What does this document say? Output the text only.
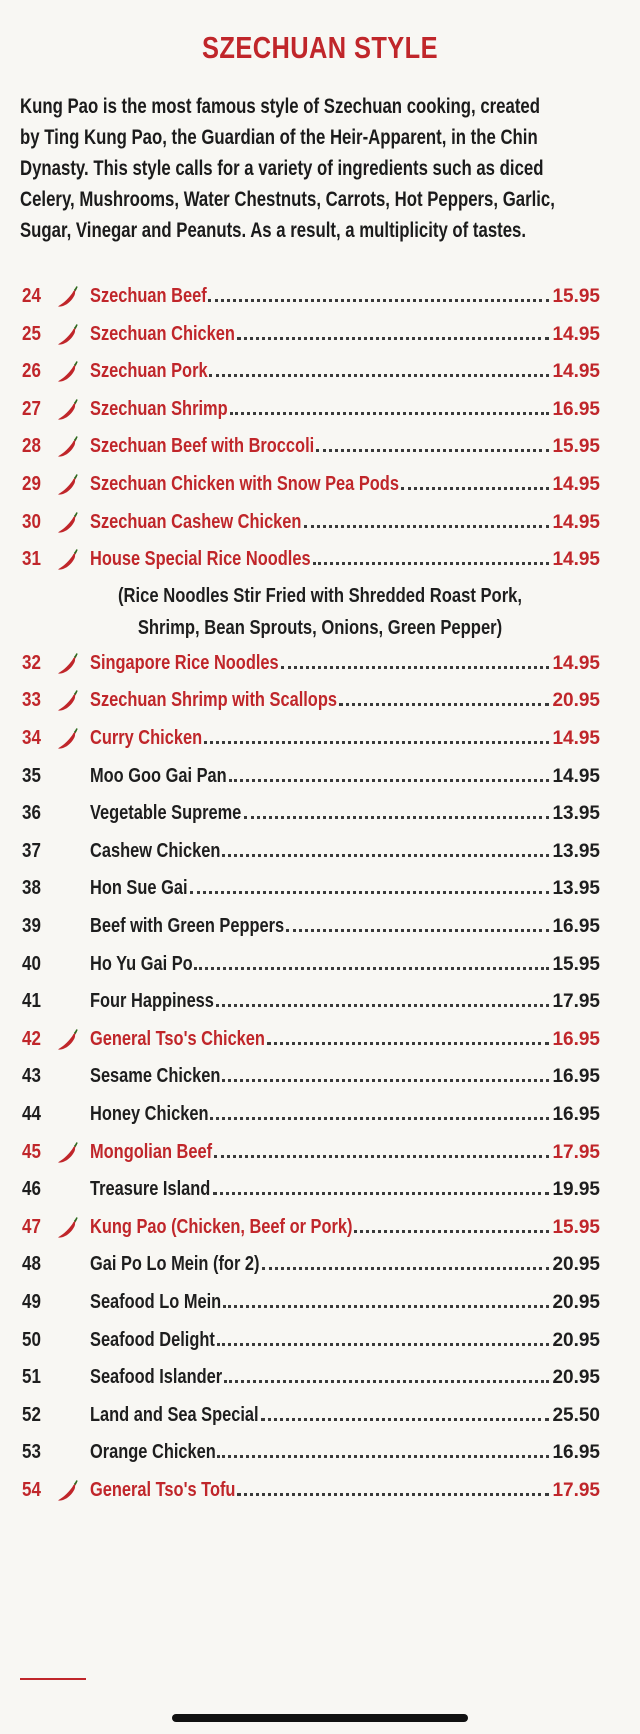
SZECHUAN STYLE
Kung Pao is the most famous style of Szechuan cooking, created
by Ting Kung Pao, the Guardian of the Heir-Apparent, in the Chin
Dynasty. This style calls for a variety of ingredients such as diced
Celery, Mushrooms, Water Chestnuts, Carrots, Hot Peppers, Garlic,
Sugar, Vinegar and Peanuts. As a result, a multiplicity of tastes.
24	Szechuan Beef	15.95
25	Szechuan Chicken	14.95
26	Szechuan Pork	14.95
27	Szechuan Shrimp	16.95
28	Szechuan Beef with Broccoli	15.95
29	Szechuan Chicken with Snow Pea Pods	14.95
30	Szechuan Cashew Chicken	14.95
31	House Special Rice Noodles	14.95
(Rice Noodles Stir Fried with Shredded Roast Pork,
Shrimp, Bean Sprouts, Onions, Green Pepper)
32	Singapore Rice Noodles	14.95
33	Szechuan Shrimp with Scallops	20.95
34	Curry Chicken	14.95
35	Moo Goo Gai Pan	14.95
36	Vegetable Supreme	13.95
37	Cashew Chicken	13.95
38	Hon Sue Gai	13.95
39	Beef with Green Peppers	16.95
40	Ho Yu Gai Po	15.95
41	Four Happiness	17.95
42	General Tso's Chicken	16.95
43	Sesame Chicken	16.95
44	Honey Chicken	16.95
45	Mongolian Beef	17.95
46	Treasure Island	19.95
47	Kung Pao (Chicken, Beef or Pork)	15.95
48	Gai Po Lo Mein (for 2)	20.95
49	Seafood Lo Mein	20.95
50	Seafood Delight	20.95
51	Seafood Islander	20.95
52	Land and Sea Special	25.50
53	Orange Chicken	16.95
54	General Tso's Tofu	17.95
